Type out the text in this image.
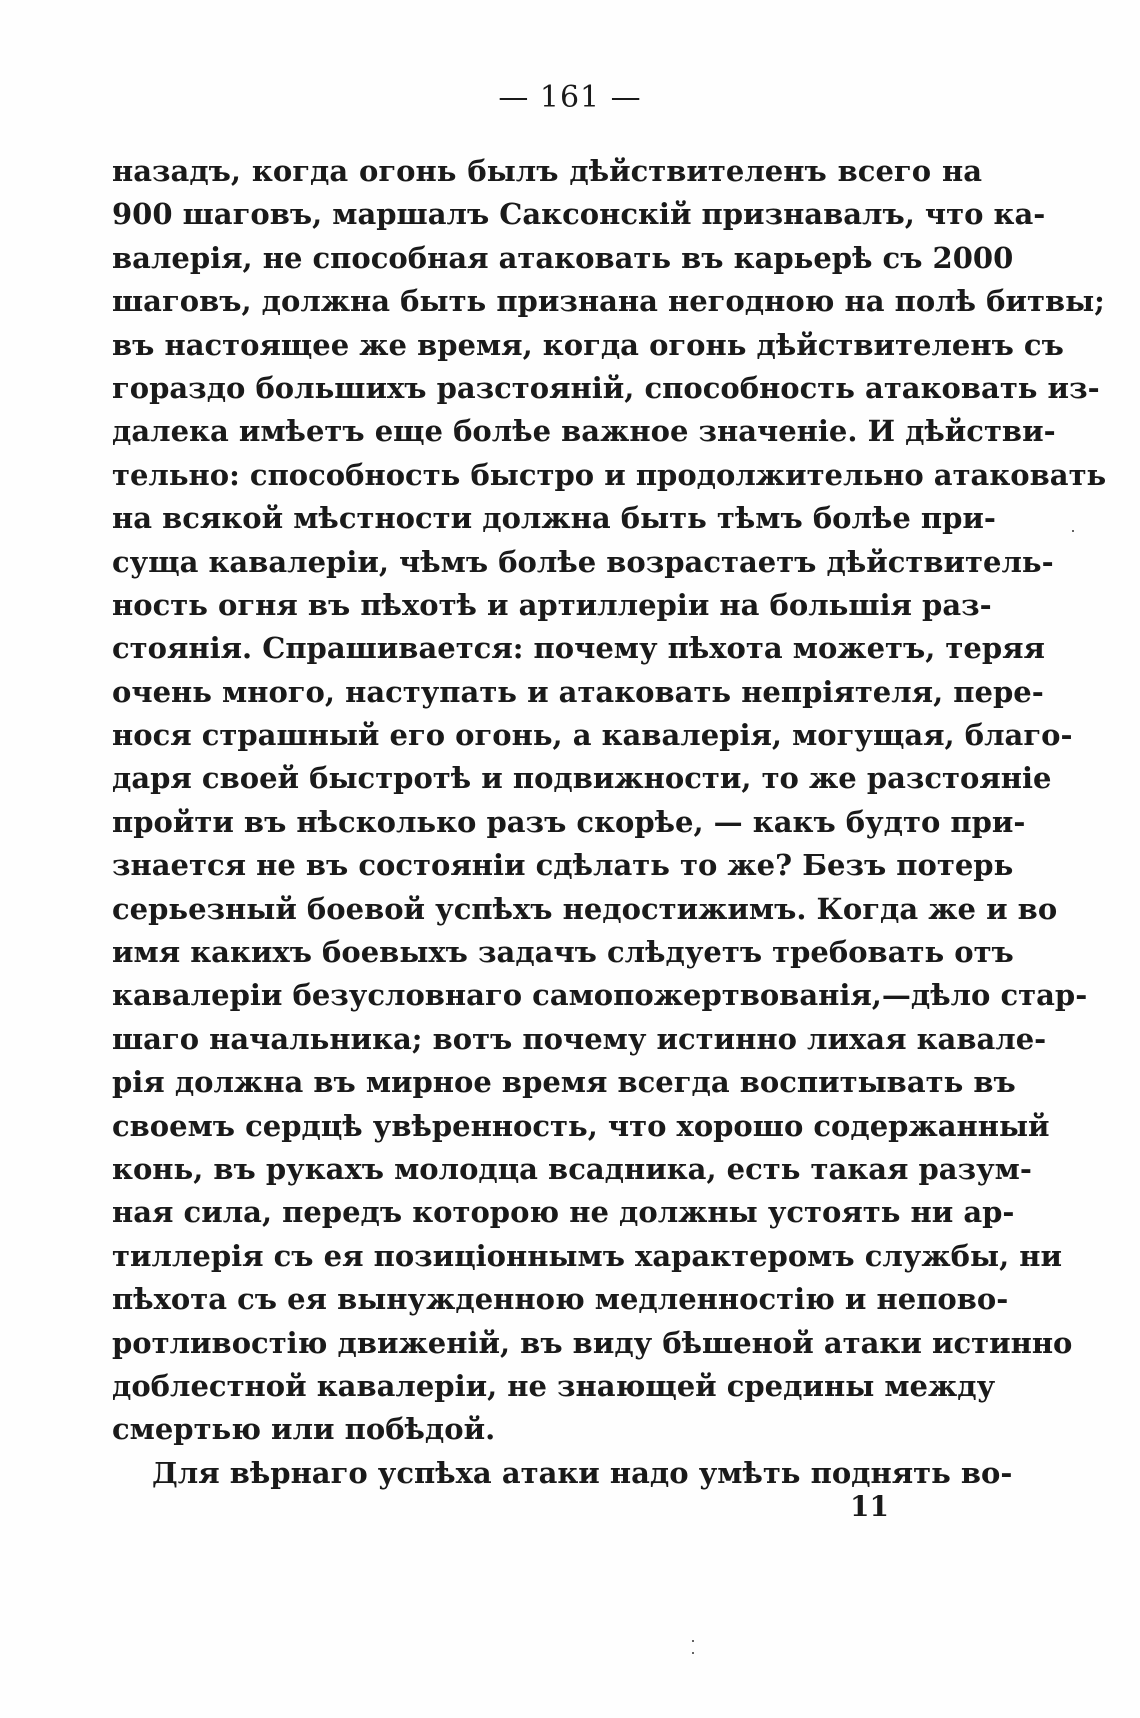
— 161 —
назадъ, когда огонь былъ дѣйствителенъ всего на
900 шаговъ, маршалъ Саксонскій признавалъ, что ка-
валерія, не способная атаковать въ карьерѣ съ 2000
шаговъ, должна быть признана негодною на полѣ битвы;
въ настоящее же время, когда огонь дѣйствителенъ съ
гораздо большихъ разстояній, способность атаковать из-
далека имѣетъ еще болѣе важное значеніе. И дѣйстви-
тельно: способность быстро и продолжительно атаковать
на всякой мѣстности должна быть тѣмъ болѣе при-
суща кавалеріи, чѣмъ болѣе возрастаетъ дѣйствитель-
ность огня въ пѣхотѣ и артиллеріи на большія раз-
стоянія. Спрашивается: почему пѣхота можетъ, теряя
очень много, наступать и атаковать непріятеля, пере-
нося страшный его огонь, а кавалерія, могущая, благо-
даря своей быстротѣ и подвижности, то же разстояніе
пройти въ нѣсколько разъ скорѣе, — какъ будто при-
знается не въ состояніи сдѣлать то же? Безъ потерь
серьезный боевой успѣхъ недостижимъ. Когда же и во
имя какихъ боевыхъ задачъ слѣдуетъ требовать отъ
кавалеріи безусловнаго самопожертвованія,—дѣло стар-
шаго начальника; вотъ почему истинно лихая кавале-
рія должна въ мирное время всегда воспитывать въ
своемъ сердцѣ увѣренность, что хорошо содержанный
конь, въ рукахъ молодца всадника, есть такая разум-
ная сила, передъ которою не должны устоять ни ар-
тиллерія съ ея позиціоннымъ характеромъ службы, ни
пѣхота съ ея вынужденною медленностію и непово-
ротливостію движеній, въ виду бѣшеной атаки истинно
доблестной кавалеріи, не знающей средины между
смертью или побѣдой.
Для вѣрнаго успѣха атаки надо умѣть поднять во-
11
